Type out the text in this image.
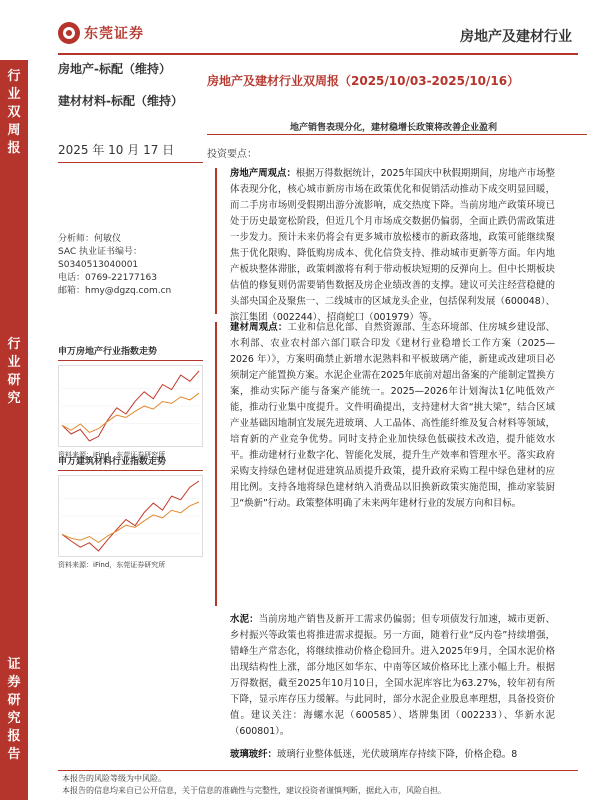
东莞证券	房地产及建材行业
行
业
双
周
报
行
业
研
究
证
券
研
究
报
告
房地产-标配（维持）
建材材料-标配（维持）
2025 年 10 月 17 日
分析师：何敏仪
SAC 执业证书编号：
S0340513040001
电话：0769-22177163
邮箱：hmy@dgzq.com.cn
申万房地产行业指数走势
资料来源：iFind，东莞证券研究所
申万建筑材料行业指数走势
资料来源：iFind，东莞证券研究所
房地产及建材行业双周报（2025/10/03-2025/10/16）
地产销售表现分化，建材稳增长政策将改善企业盈利
投资要点：
房地产周观点：根据万得数据统计，2025年国庆中秋假期期间，房地产市场整体表现分化，核心城市新房市场在政策优化和促销活动推动下成交明显回暖，而二手房市场则受假期出游分流影响，成交热度下降。当前房地产政策环境已处于历史最宽松阶段，但近几个月市场成交数据仍偏弱，全面止跌仍需政策进一步发力。预计未来仍将会有更多城市放松楼市的新政落地，政策可能继续聚焦于优化限购、降低购房成本、优化信贷支持、推动城市更新等方面。年内地产板块整体滞胀，政策刺激将有利于带动板块短期的反弹向上。但中长期板块估值的修复则仍需要销售数据及房企业绩改善的支撑。建议可关注经营稳健的头部央国企及聚焦一、二线城市的区域龙头企业，包括保利发展（600048）、滨江集团（002244）、招商蛇口（001979）等。
建材周观点：工业和信息化部、自然资源部、生态环境部、住房城乡建设部、水利部、农业农村部六部门联合印发《建材行业稳增长工作方案（2025—2026 年）》，方案明确禁止新增水泥熟料和平板玻璃产能，新建或改建项目必须制定产能置换方案。水泥企业需在2025年底前对超出备案的产能制定置换方案，推动实际产能与备案产能统一。2025—2026年计划淘汰1亿吨低效产能，推动行业集中度提升。文件明确提出，支持建材大省“挑大梁”，结合区域产业基础因地制宜发展先进玻璃、人工晶体、高性能纤维及复合材料等领域，培育新的产业竞争优势。同时支持企业加快绿色低碳技术改造，提升能效水平。推动建材行业数字化、智能化发展，提升生产效率和管理水平。落实政府采购支持绿色建材促进建筑品质提升政策，提升政府采购工程中绿色建材的应用比例。支持各地将绿色建材纳入消费品以旧换新政策实施范围，推动家装厨卫“焕新”行动。政策整体明确了未来两年建材行业的发展方向和目标。
水泥：当前房地产销售及新开工需求仍偏弱；但专项债发行加速，城市更新、乡村振兴等政策也将推进需求提振。另一方面，随着行业“反内卷”持续增强，错峰生产常态化，将继续推动价格企稳回升。进入2025年9月，全国水泥价格出现结构性上涨，部分地区如华东、中南等区域价格环比上涨小幅上升。根据万得数据，截至2025年10月10日，全国水泥库容比为63.27%，较年初有所下降，显示库存压力缓解。与此同时，部分水泥企业股息率理想，具备投资价值。建议关注：海螺水泥（600585）、塔牌集团（002233）、华新水泥（600801）。
玻璃玻纤：玻璃行业整体低迷，光伏玻璃库存持续下降，价格企稳。8
本报告的风险等级为中风险。
本报告的信息均来自已公开信息，关于信息的准确性与完整性，建议投资者谨慎判断，据此入市，风险自担。
